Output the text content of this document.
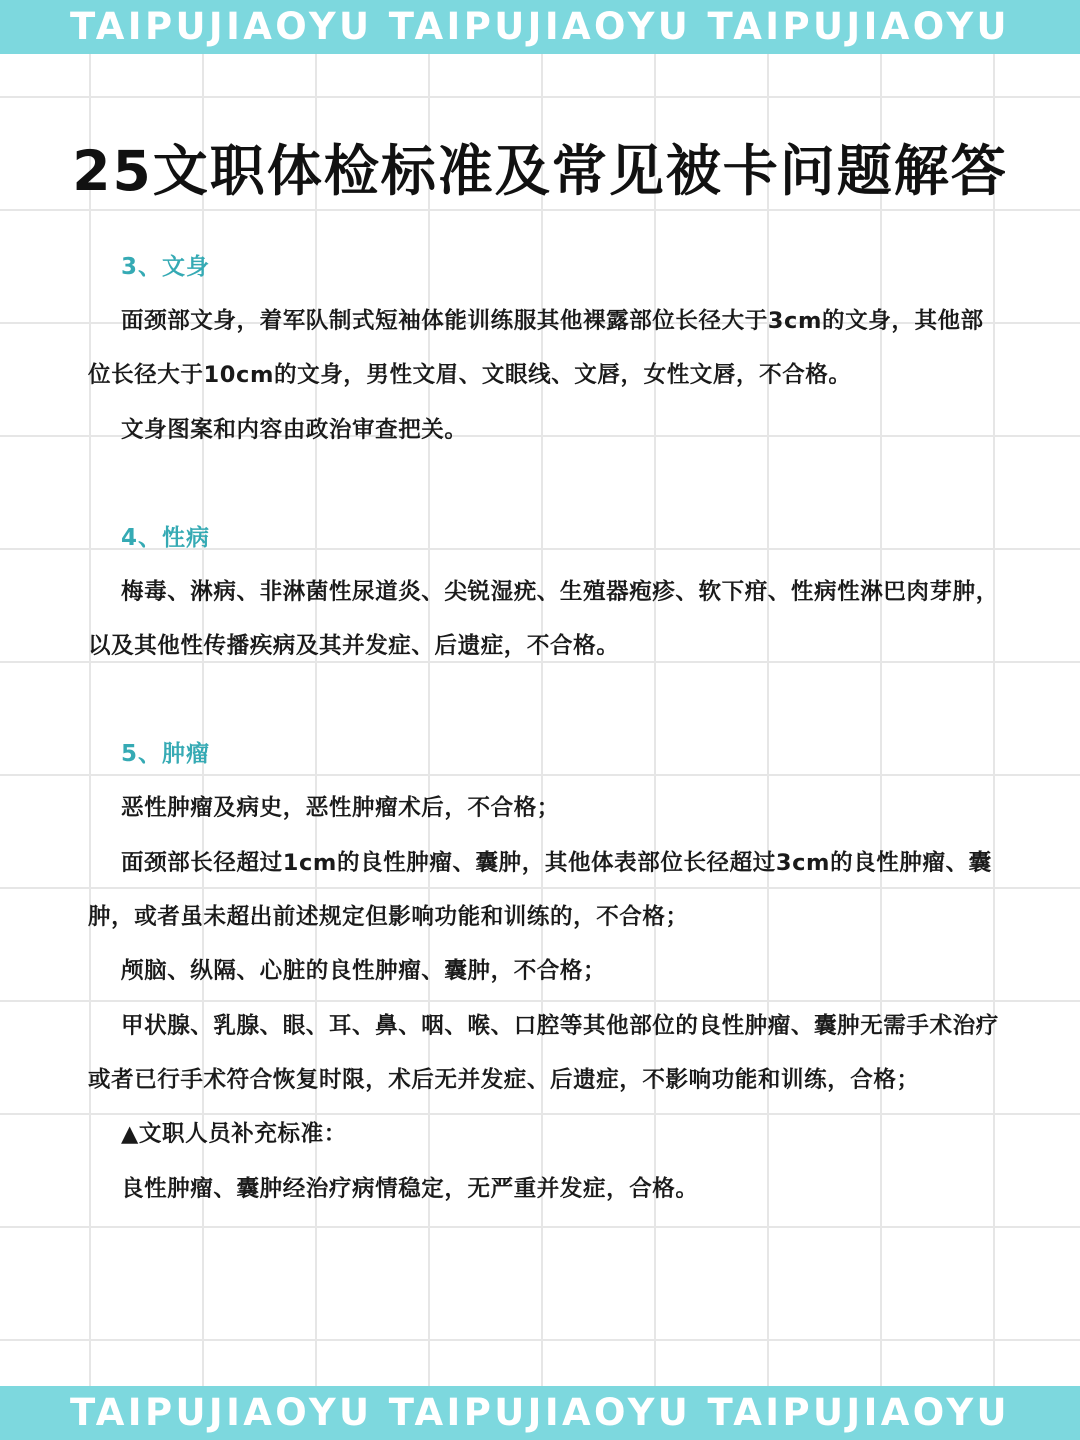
TAIPUJIAOYU TAIPUJIAOYU TAIPUJIAOYU
25文职体检标准及常见被卡问题解答
3、文身

面颈部文身，着军队制式短袖体能训练服其他裸露部位长径大于3cm的文身，其他部位长径大于10cm的文身，男性文眉、文眼线、文唇，女性文唇，不合格。

文身图案和内容由政治审查把关。

4、性病

梅毒、淋病、非淋菌性尿道炎、尖锐湿疣、生殖器疱疹、软下疳、性病性淋巴肉芽肿，以及其他性传播疾病及其并发症、后遗症，不合格。

5、肿瘤

恶性肿瘤及病史，恶性肿瘤术后，不合格；

面颈部长径超过1cm的良性肿瘤、囊肿，其他体表部位长径超过3cm的良性肿瘤、囊肿，或者虽未超出前述规定但影响功能和训练的，不合格；

颅脑、纵隔、心脏的良性肿瘤、囊肿，不合格；

甲状腺、乳腺、眼、耳、鼻、咽、喉、口腔等其他部位的良性肿瘤、囊肿无需手术治疗或者已行手术符合恢复时限，术后无并发症、后遗症，不影响功能和训练，合格；

▲文职人员补充标准：

良性肿瘤、囊肿经治疗病情稳定，无严重并发症，合格。

TAIPUJIAOYU TAIPUJIAOYU TAIPUJIAOYU
